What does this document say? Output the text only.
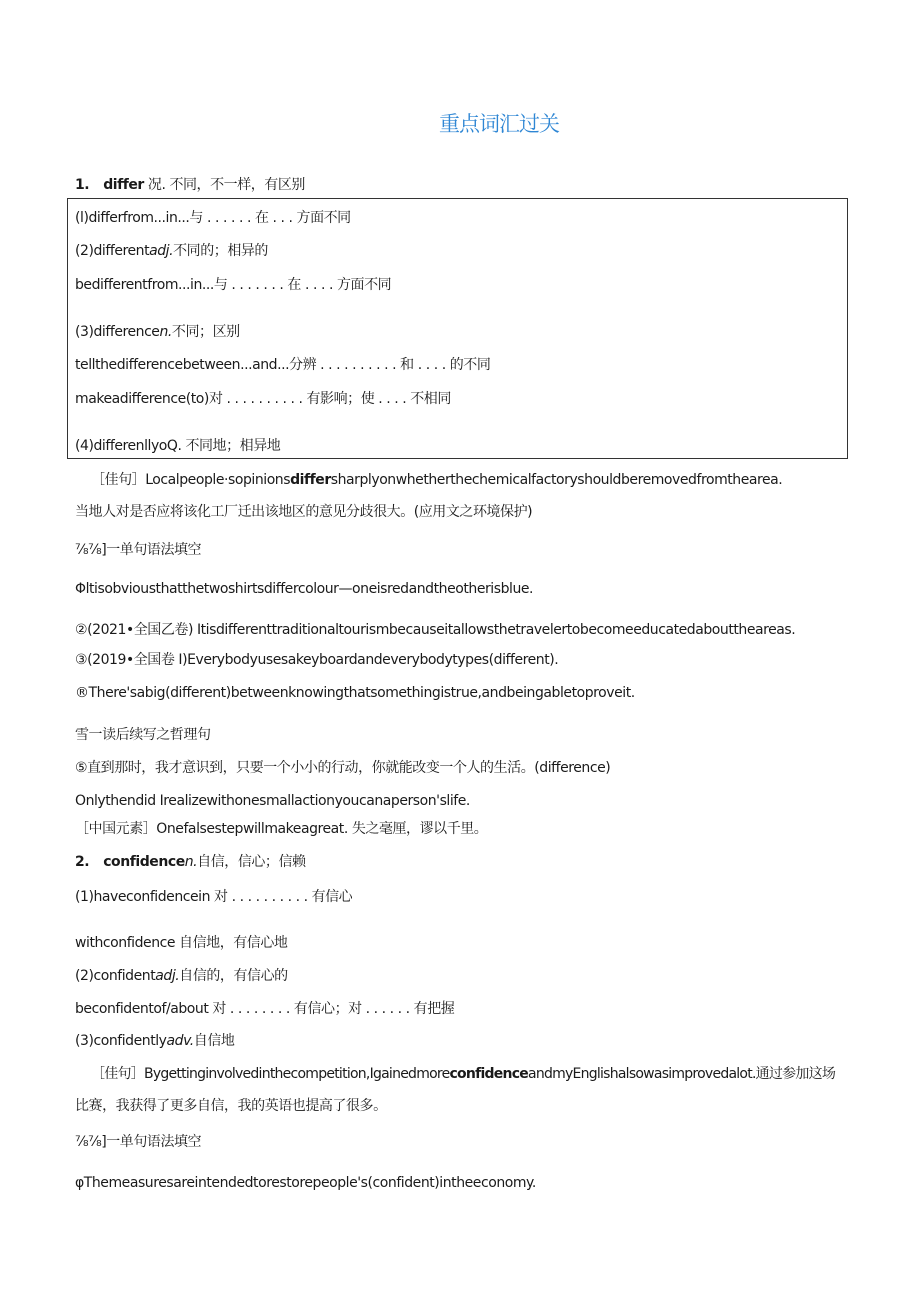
重点词汇过关
1. differ 况. 不同，不一样，有区别
(l)differfrom...in...与 . . . . . . 在 . . . 方面不同
(2)differentadj.不同的；相异的
bedifferentfrom...in...与 . . . . . . . 在 . . . . 方面不同
(3)differencen.不同；区别
tellthedifferencebetween...and...分辨 . . . . . . . . . . 和 . . . . 的不同
makeadifference(to)对 . . . . . . . . . . 有影响；使 . . . . 不相同
(4)differenllyoQ. 不同地；相异地
［佳句］Localpeople·sopinionsdiffersharplyonwhetherthechemicalfactoryshouldberemovedfromthearea.
当地人对是否应将该化工厂迁出该地区的意见分歧很大。(应用文之环境保护)
⅞⅞]一单句语法填空
Φltisobviousthatthetwoshirtsdiffercolour—oneisredandtheotherisblue.
②(2021•全国乙卷) Itisdifferenttraditionaltourismbecauseitallowsthetravelertobecomeeducatedabouttheareas.
③(2019•全国卷 I)Everybodyusesakeyboardandeverybodytypes(different).
®There'sabig(different)betweenknowingthatsomethingistrue,andbeingabletoproveit.
雪一读后续写之哲理句
⑤直到那时，我才意识到，只要一个小小的行动，你就能改变一个人的生活。(difference)
Onlythendid Irealizewithonesmallactionyoucanaperson'slife.
［中国元素］Onefalsestepwillmakeagreat. 失之毫厘，谬以千里。
2. confidencen.自信，信心；信赖
(1)haveconfidencein 对 . . . . . . . . . . 有信心
withconfidence 自信地，有信心地
(2)confidentadj.自信的，有信心的
beconfidentof/about 对 . . . . . . . . 有信心；对 . . . . . . 有把握
(3)confidentlyadv.自信地
［佳句］Bygettinginvolvedinthecompetition,IgainedmoreconfidenceandmyEnglishalsowasimprovedalot.通过参加这场
比赛，我获得了更多自信，我的英语也提高了很多。
⅞⅞]一单句语法填空
φThemeasuresareintendedtorestorepeople's(confident)intheeconomy.
